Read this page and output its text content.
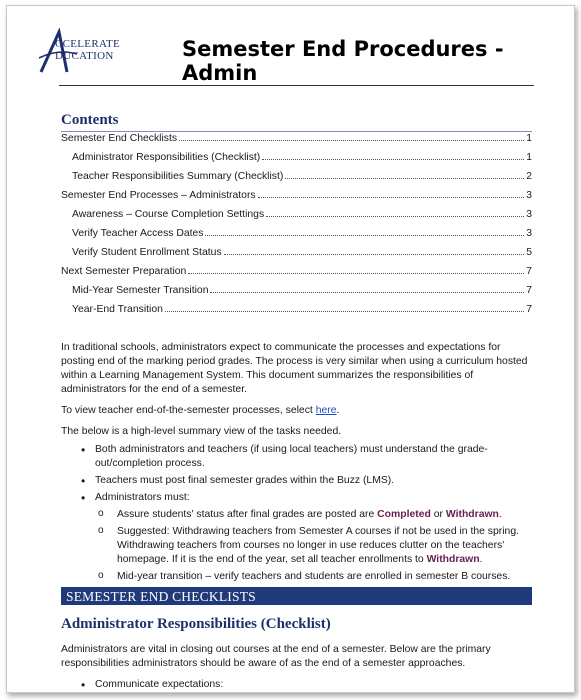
CCELERATE
DUCATION	Semester End Procedures - Admin
Contents
Semester End Checklists	1
Administrator Responsibilities (Checklist)	1
Teacher Responsibilities Summary (Checklist)	2
Semester End Processes – Administrators	3
Awareness – Course Completion Settings	3
Verify Teacher Access Dates	3
Verify Student Enrollment Status	5
Next Semester Preparation	7
Mid-Year Semester Transition	7
Year-End Transition	7
In traditional schools, administrators expect to communicate the processes and expectations for posting end of the marking period grades. The process is very similar when using a curriculum hosted within a Learning Management System. This document summarizes the responsibilities of administrators for the end of a semester.
To view teacher end-of-the-semester processes, select here.
The below is a high-level summary view of the tasks needed.
• Both administrators and teachers (if using local teachers) must understand the grade-out/completion process.
• Teachers must post final semester grades within the Buzz (LMS).
• Administrators must:
o Assure students' status after final grades are posted are Completed or Withdrawn.
o Suggested: Withdrawing teachers from Semester A courses if not be used in the spring. Withdrawing teachers from courses no longer in use reduces clutter on the teachers' homepage. If it is the end of the year, set all teacher enrollments to Withdrawn.
o Mid-year transition – verify teachers and students are enrolled in semester B courses.
SEMESTER END CHECKLISTS
Administrator Responsibilities (Checklist)
Administrators are vital in closing out courses at the end of a semester. Below are the primary responsibilities administrators should be aware of as the end of a semester approaches.
• Communicate expectations:
